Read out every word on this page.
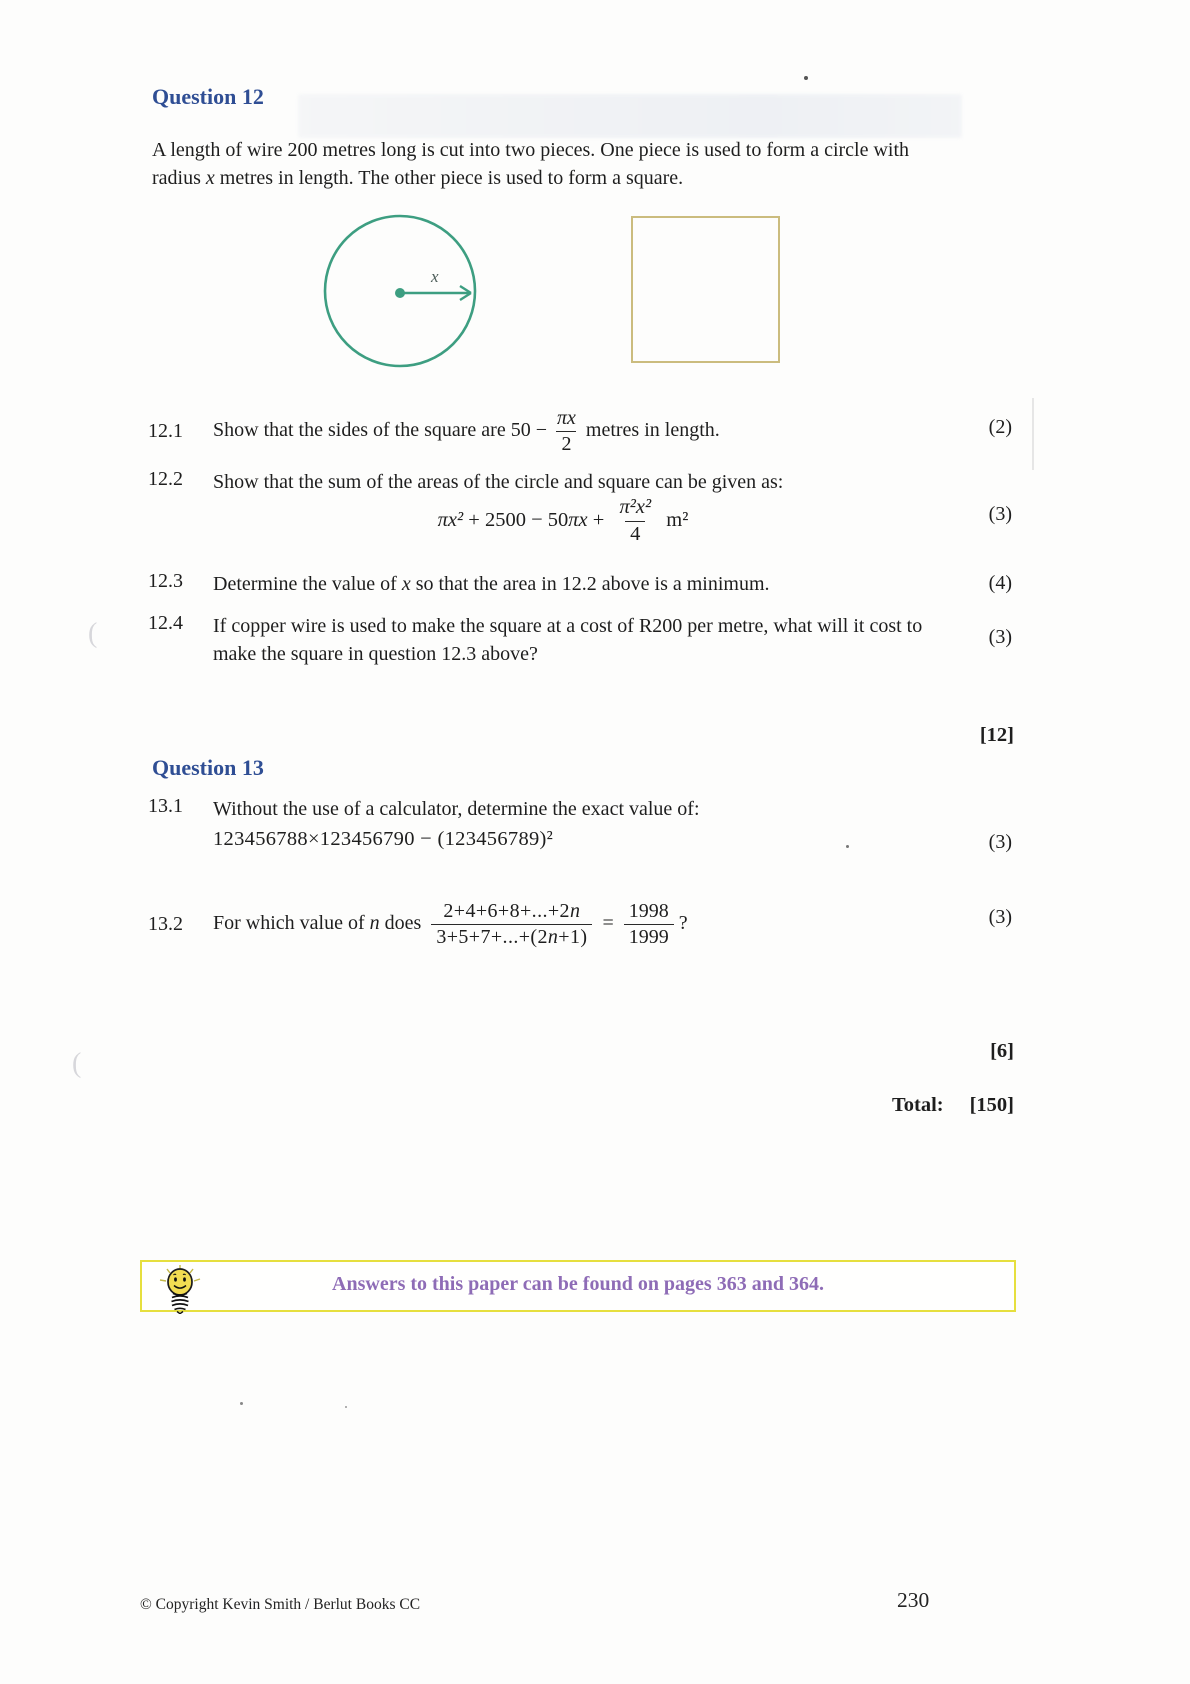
(
(
Question 12
A length of wire 200 metres long is cut into two pieces. One piece is used to form a circle with radius x metres in length. The other piece is used to form a square.
x
12.1	Show that the sides of the square are $50 - \frac{\pi x}{2}$ metres in length.	(2)
12.2	Show that the sum of the areas of the circle and square can be given as:
$\pi x^2 + 2500 - 50\pi x + \frac{\text{π²x²}}{4} m^2$	(3)
12.3	Determine the value of x so that the area in 12.2 above is a minimum.	(4)
12.4	If copper wire is used to make the square at a cost of R200 per metre, what will it cost to make the square in question 12.3 above?
(3)
[12]
Question 13
13.1	Without the use of a calculator, determine the exact value of:
123456788×123456790 − (123456789)²	(3)
13.2	For which value of n does $\frac{2+4+6+8+...+2n}{3+5+7+...+(2n+1)} = \frac{1998}{1999}$ ?	(3)
[6]
Total: [150]
Answers to this paper can be found on pages 363 and 364.
© Copyright Kevin Smith / Berlut Books CC	230
